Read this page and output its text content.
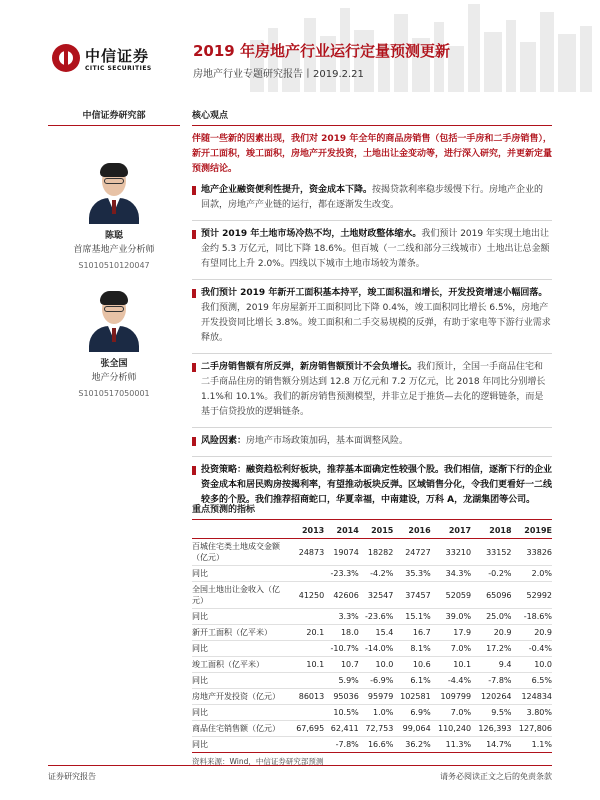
中信证券
CITIC SECURITIES
2019 年房地产行业运行定量预测更新
房地产行业专题研究报告丨2019.2.21
中信证券研究部
陈聪
首席基地产业分析师
S1010510120047
张全国
地产分析师
S1010517050001
核心观点
伴随一些新的因素出现，我们对 2019 年全年的商品房销售（包括一手房和二手房销售），新开工面积，竣工面积，房地产开发投资，土地出让金变动等，进行深入研究，并更新定量预测结论。
地产企业融资便利性提升，资金成本下降。按揭贷款利率稳步缓慢下行。房地产企业的回款，房地产产业链的运行，都在逐渐发生改变。
预计 2019 年土地市场冷热不均，土地财政整体缩水。我们预计 2019 年实现土地出让金约 5.3 万亿元，同比下降 18.6%。但百城（一二线和部分三线城市）土地出让总金额有望同比上升 2.0%。四线以下城市土地市场较为萧条。
我们预计 2019 年新开工面积基本持平，竣工面积温和增长，开发投资增速小幅回落。我们预测，2019 年房屋新开工面积同比下降 0.4%，竣工面积同比增长 6.5%，房地产开发投资同比增长 3.8%。竣工面积和二手交易规模的反弹，有助于家电等下游行业需求释放。
二手房销售额有所反弹，新房销售额预计不会负增长。我们预计，全国一手商品住宅和二手商品住房的销售额分别达到 12.8 万亿元和 7.2 万亿元，比 2018 年同比分别增长 1.1%和 10.1%。我们的新房销售预测模型，并非立足于推货—去化的逻辑链条，而是基于信贷投放的逻辑链条。
风险因素：房地产市场政策加码，基本面调整风险。
投资策略：融资趋松利好板块，推荐基本面确定性较强个股。我们相信，逐渐下行的企业资金成本和居民购房按揭利率，有望推动板块反弹。区域销售分化，令我们更看好一二线较多的个股。我们推荐招商蛇口，华夏幸福，中南建设，万科 A，龙湖集团等公司。
重点预测的指标
	2013	2014	2015	2016	2017	2018	2019E
百城住宅类土地成交金额（亿元）	24873	19074	18282	24727	33210	33152	33826
同比		-23.3%	-4.2%	35.3%	34.3%	-0.2%	2.0%
全国土地出让金收入（亿元）	41250	42606	32547	37457	52059	65096	52992
同比		3.3%	-23.6%	15.1%	39.0%	25.0%	-18.6%
新开工面积（亿平米）	20.1	18.0	15.4	16.7	17.9	20.9	20.9
同比		-10.7%	-14.0%	8.1%	7.0%	17.2%	-0.4%
竣工面积（亿平米）	10.1	10.7	10.0	10.6	10.1	9.4	10.0
同比		5.9%	-6.9%	6.1%	-4.4%	-7.8%	6.5%
房地产开发投资（亿元）	86013	95036	95979	102581	109799	120264	124834
同比		10.5%	1.0%	6.9%	7.0%	9.5%	3.80%
商品住宅销售额（亿元）	67,695	62,411	72,753	99,064	110,240	126,393	127,806
同比		-7.8%	16.6%	36.2%	11.3%	14.7%	1.1%
资料来源：Wind，中信证券研究部预测
证券研究报告	请务必阅读正文之后的免责条款
